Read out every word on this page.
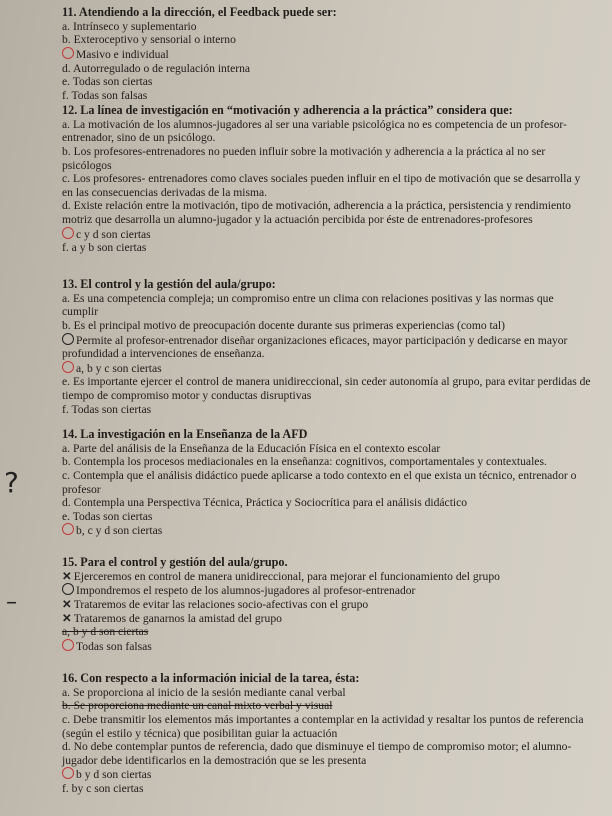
11. Atendiendo a la dirección, el Feedback puede ser:
a. Intrínseco y suplementario
b. Exteroceptivo y sensorial o interno
Masivo e individual
d. Autorregulado o de regulación interna
e. Todas son ciertas
f. Todas son falsas
12. La línea de investigación en “motivación y adherencia a la práctica” considera que:
a. La motivación de los alumnos-jugadores al ser una variable psicológica no es competencia de un profesor- entrenador, sino de un psicólogo.
b. Los profesores-entrenadores no pueden influir sobre la motivación y adherencia a la práctica al no ser psicólogos
c. Los profesores- entrenadores como claves sociales pueden influir en el tipo de motivación que se desarrolla y en las consecuencias derivadas de la misma.
d. Existe relación entre la motivación, tipo de motivación, adherencia a la práctica, persistencia y rendimiento motriz que desarrolla un alumno-jugador y la actuación percibida por éste de entrenadores-profesores
c y d son ciertas
f. a y b son ciertas
13. El control y la gestión del aula/grupo:
a. Es una competencia compleja; un compromiso entre un clima con relaciones positivas y las normas que cumplir
b. Es el principal motivo de preocupación docente durante sus primeras experiencias (como tal)
Permite al profesor-entrenador diseñar organizaciones eficaces, mayor participación y dedicarse en mayor profundidad a intervenciones de enseñanza.
a, b y c son ciertas
e. Es importante ejercer el control de manera unidireccional, sin ceder autonomía al grupo, para evitar perdidas de tiempo de compromiso motor y conductas disruptivas
f. Todas son ciertas
14. La investigación en la Enseñanza de la AFD
a. Parte del análisis de la Enseñanza de la Educación Física en el contexto escolar
b. Contempla los procesos mediacionales en la enseñanza: cognitivos, comportamentales y contextuales.
c. Contempla que el análisis didáctico puede aplicarse a todo contexto en el que exista un técnico, entrenador o profesor
d. Contempla una Perspectiva Técnica, Práctica y Sociocrítica para el análisis didáctico
e. Todas son ciertas
b, c y d son ciertas
15. Para el control y gestión del aula/grupo.
✕ Ejerceremos en control de manera unidireccional, para mejorar el funcionamiento del grupo
Impondremos el respeto de los alumnos-jugadores al profesor-entrenador
✕ Trataremos de evitar las relaciones socio-afectivas con el grupo
✕ Trataremos de ganarnos la amistad del grupo
a, b y d son ciertas
Todas son falsas
16. Con respecto a la información inicial de la tarea, ésta:
a. Se proporciona al inicio de la sesión mediante canal verbal
b. Se proporciona mediante un canal mixto verbal y visual
c. Debe transmitir los elementos más importantes a contemplar en la actividad y resaltar los puntos de referencia (según el estilo y técnica) que posibilitan guiar la actuación
d. No debe contemplar puntos de referencia, dado que disminuye el tiempo de compromiso motor; el alumno-jugador debe identificarlos en la demostración que se les presenta
b y d son ciertas
f. by c son ciertas
?
–
